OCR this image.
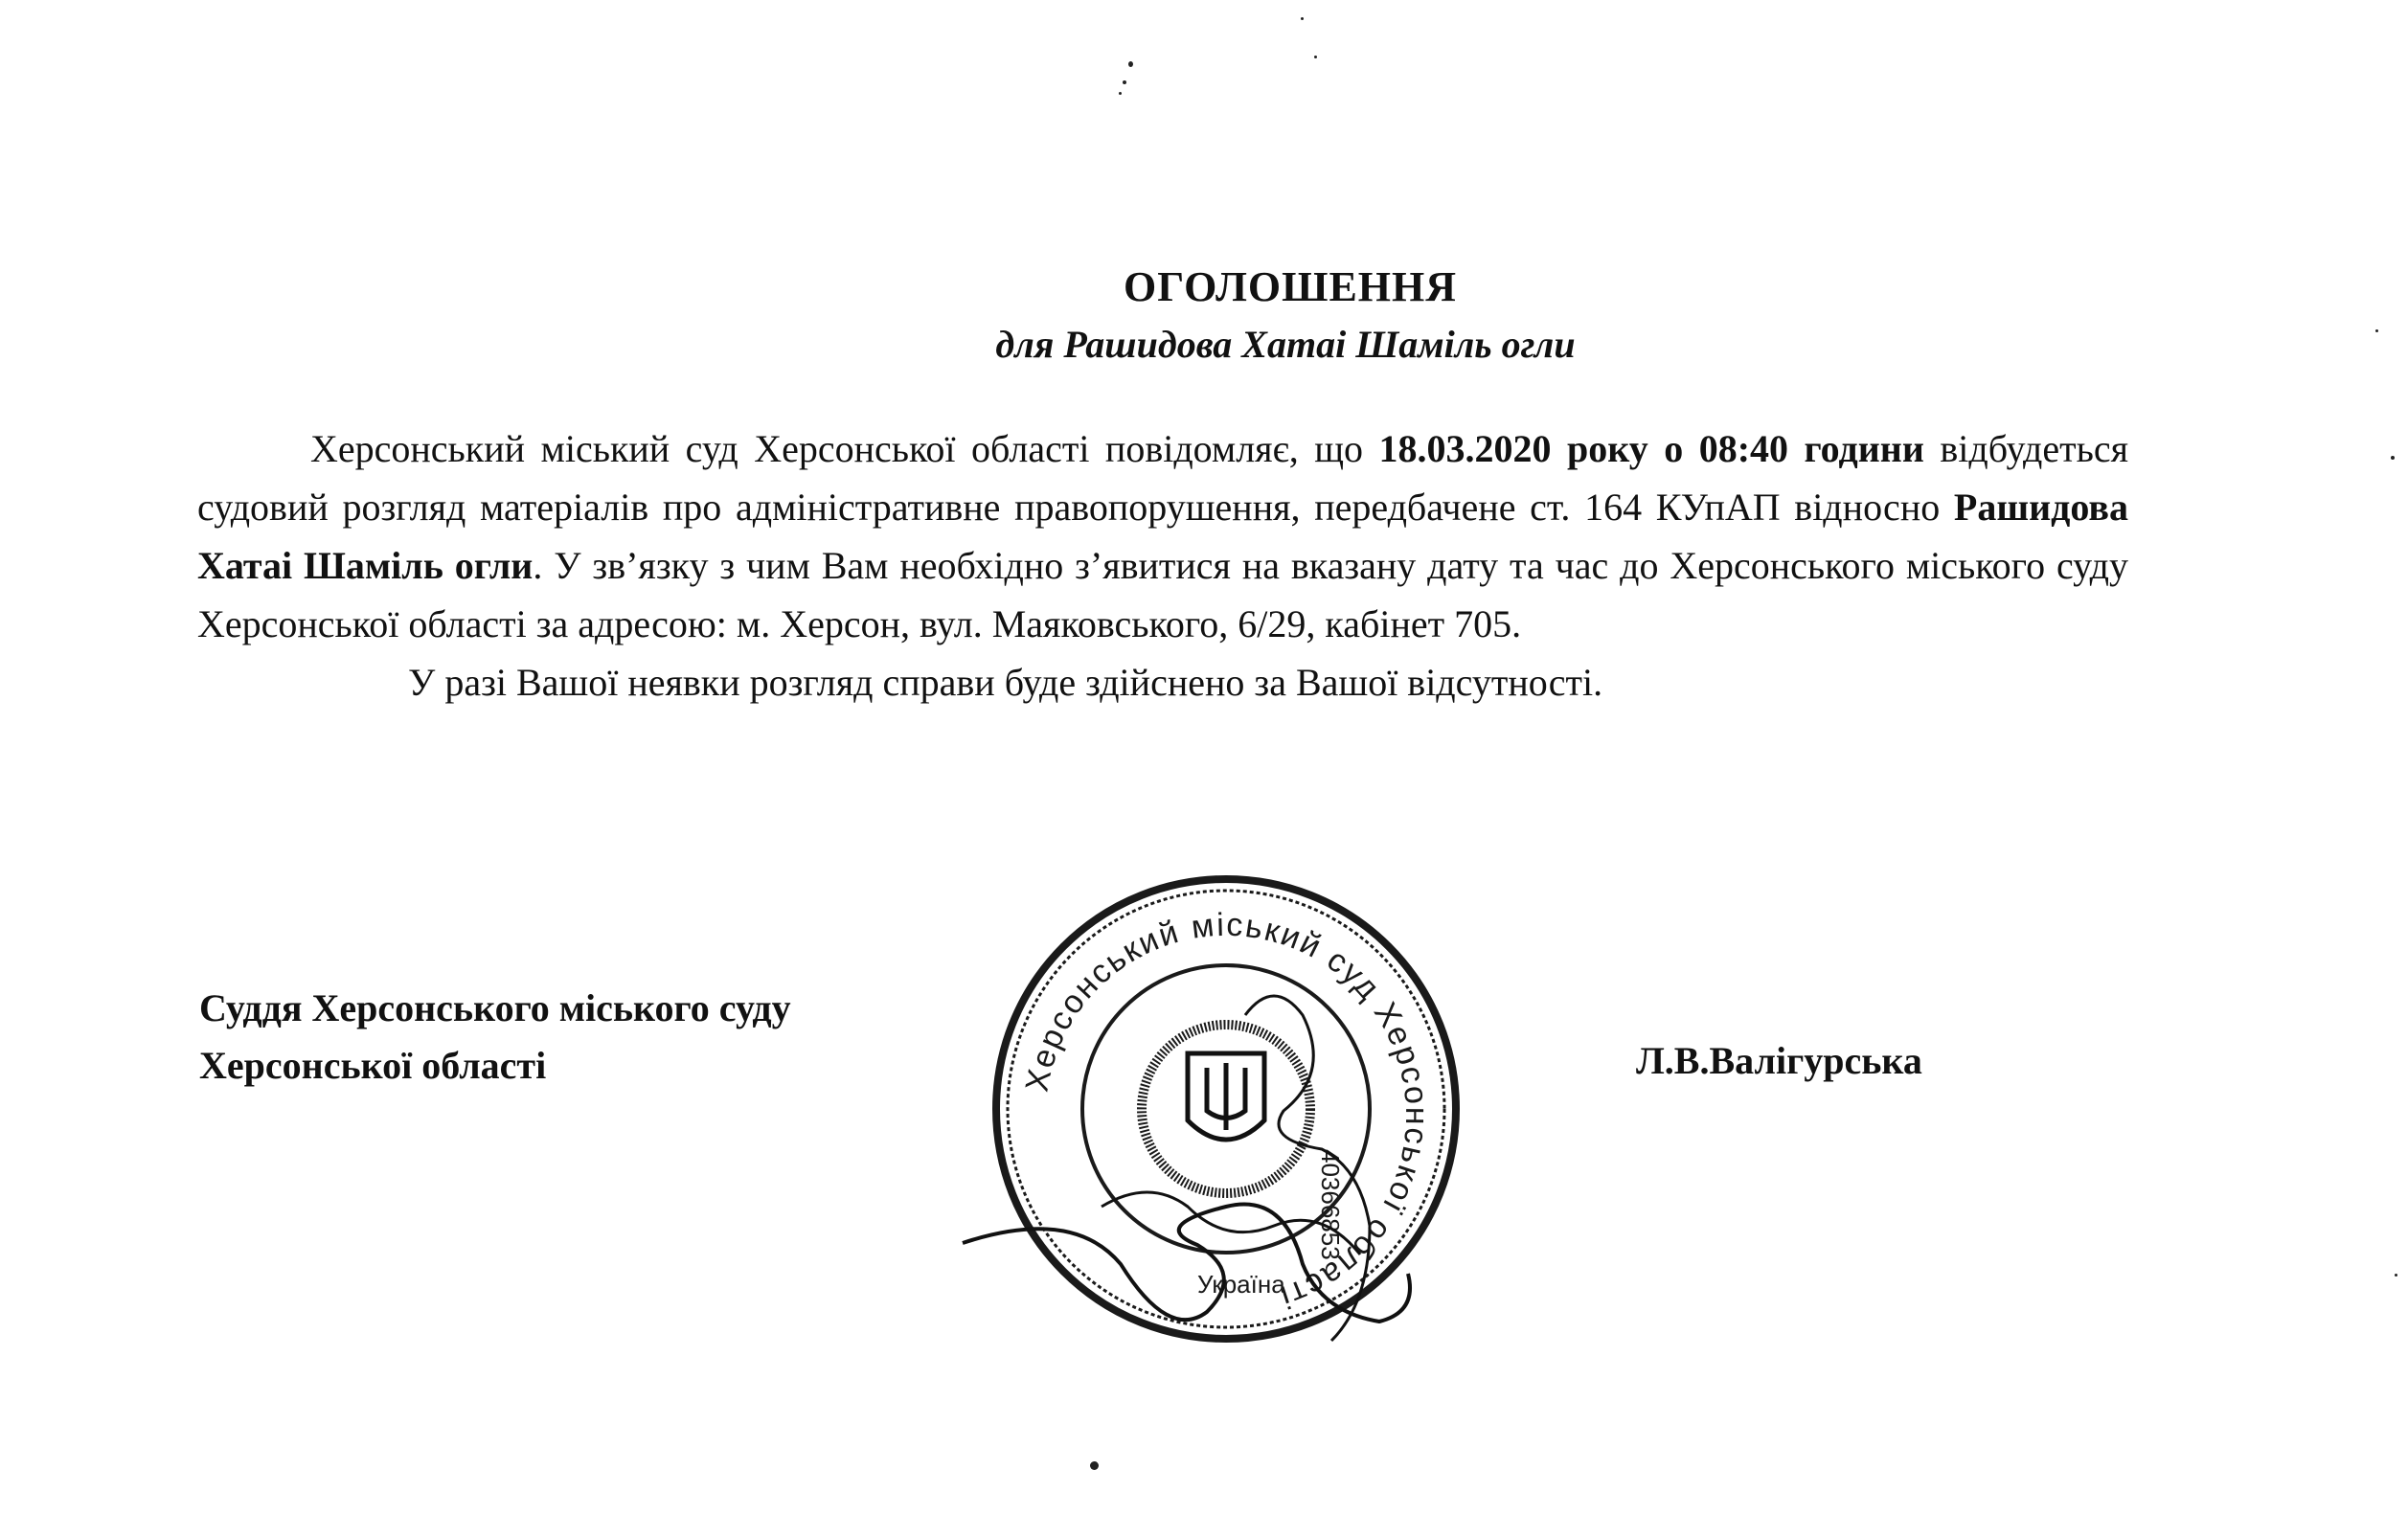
ОГОЛОШЕННЯ
для Рашидова Хатаі Шаміль огли

Херсонський міський суд Херсонської області повідомляє, що 18.03.2020 року о 08:40 години відбудеться судовий розгляд матеріалів про адміністративне правопорушення, передбачене ст. 164 КУпАП відносно Рашидова Хатаі Шаміль огли. У зв’язку з чим Вам необхідно з’явитися на вказану дату та час до Херсонського міського суду Херсонської області за адресою: м. Херсон, вул. Маяковського, 6/29, кабінет 705.

У разі Вашої неявки розгляд справи буде здійснено за Вашої відсутності.

Суддя Херсонського міського суду
Херсонської області	Л.В.Валігурська
Херсонський міський суд Херсонської області
40366853
Україна
